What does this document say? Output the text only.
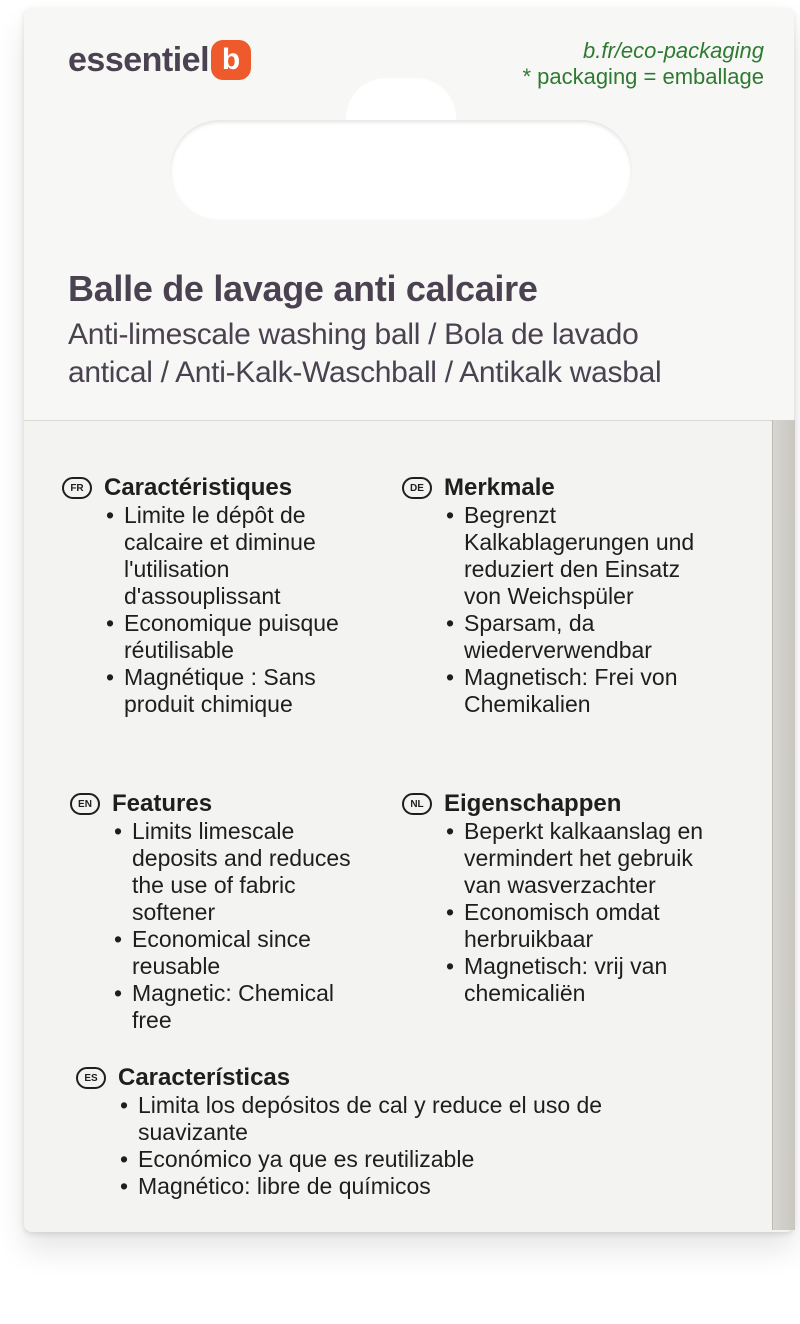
essentiel b	b.fr/eco-packaging
* packaging = emballage
Balle de lavage anti calcaire
Anti-limescale washing ball / Bola de lavado
antical / Anti-Kalk-Waschball / Antikalk wasbal
FR Caractéristiques
• Limite le dépôt de calcaire et diminue l'utilisation d'assouplissant
• Economique puisque réutilisable
• Magnétique : Sans produit chimique
DE Merkmale
• Begrenzt Kalkablagerungen und reduziert den Einsatz von Weichspüler
• Sparsam, da wiederverwendbar
• Magnetisch: Frei von Chemikalien
EN Features
• Limits limescale deposits and reduces the use of fabric softener
• Economical since reusable
• Magnetic: Chemical free
NL Eigenschappen
• Beperkt kalkaanslag en vermindert het gebruik van wasverzachter
• Economisch omdat herbruikbaar
• Magnetisch: vrij van chemicaliën
ES Características
• Limita los depósitos de cal y reduce el uso de suavizante
• Económico ya que es reutilizable
• Magnético: libre de químicos
